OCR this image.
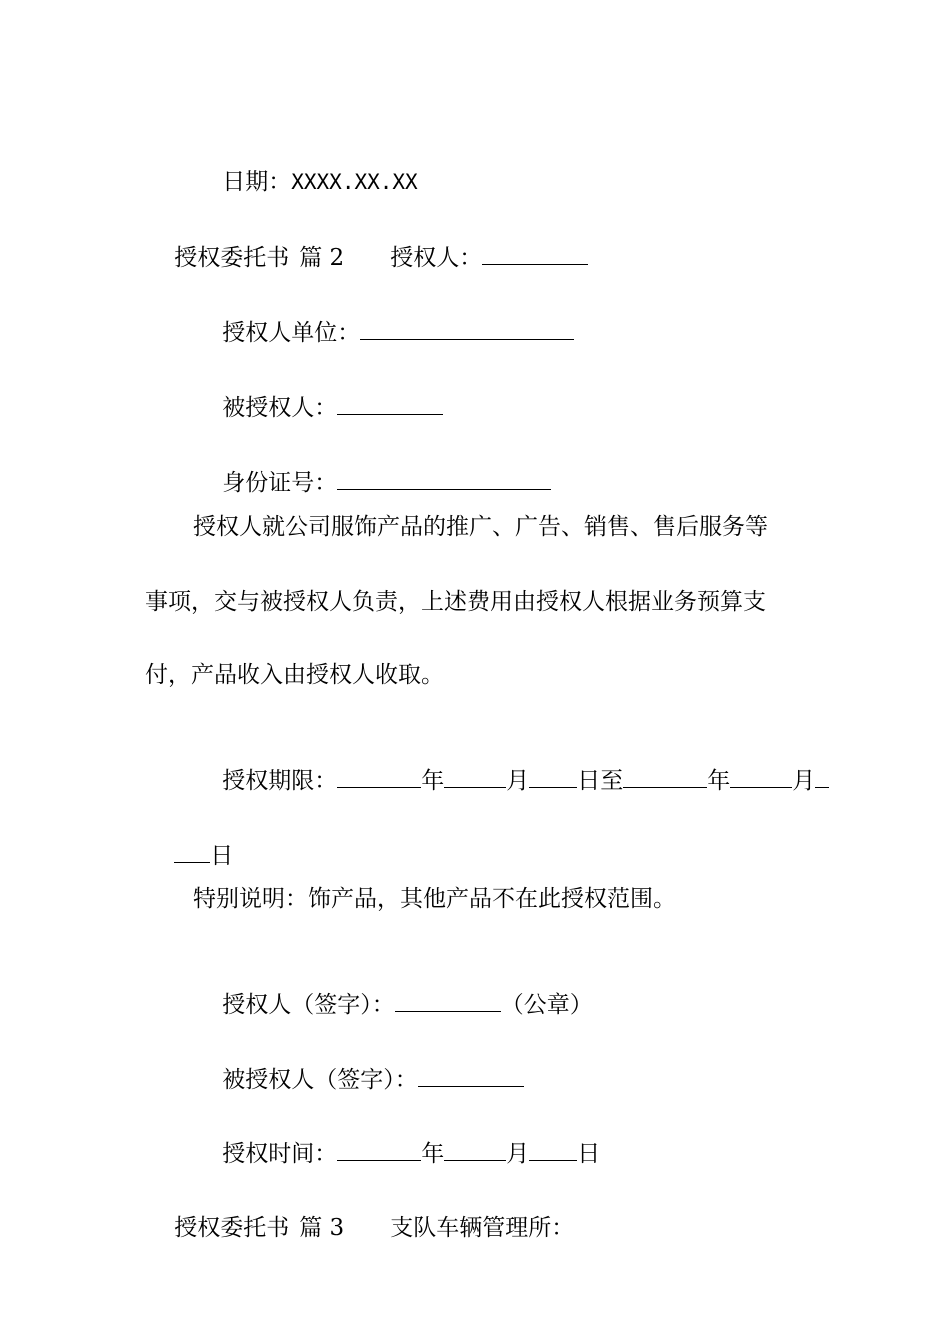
日期：XXXX.XX.XX

授权委托书 篇 2 授权人：

授权人单位：

被授权人：

身份证号：

授权人就公司服饰产品的推广、广告、销售、售后服务等
事项，交与被授权人负责，上述费用由授权人根据业务预算支
付，产品收入由授权人收取。

授权期限：	年	月 日至	年	月

日

特别说明：饰产品，其他产品不在此授权范围。

授权人（签字）：	（公章）

被授权人（签字）：

授权时间：	年	月 日

授权委托书 篇 3 支队车辆管理所：
